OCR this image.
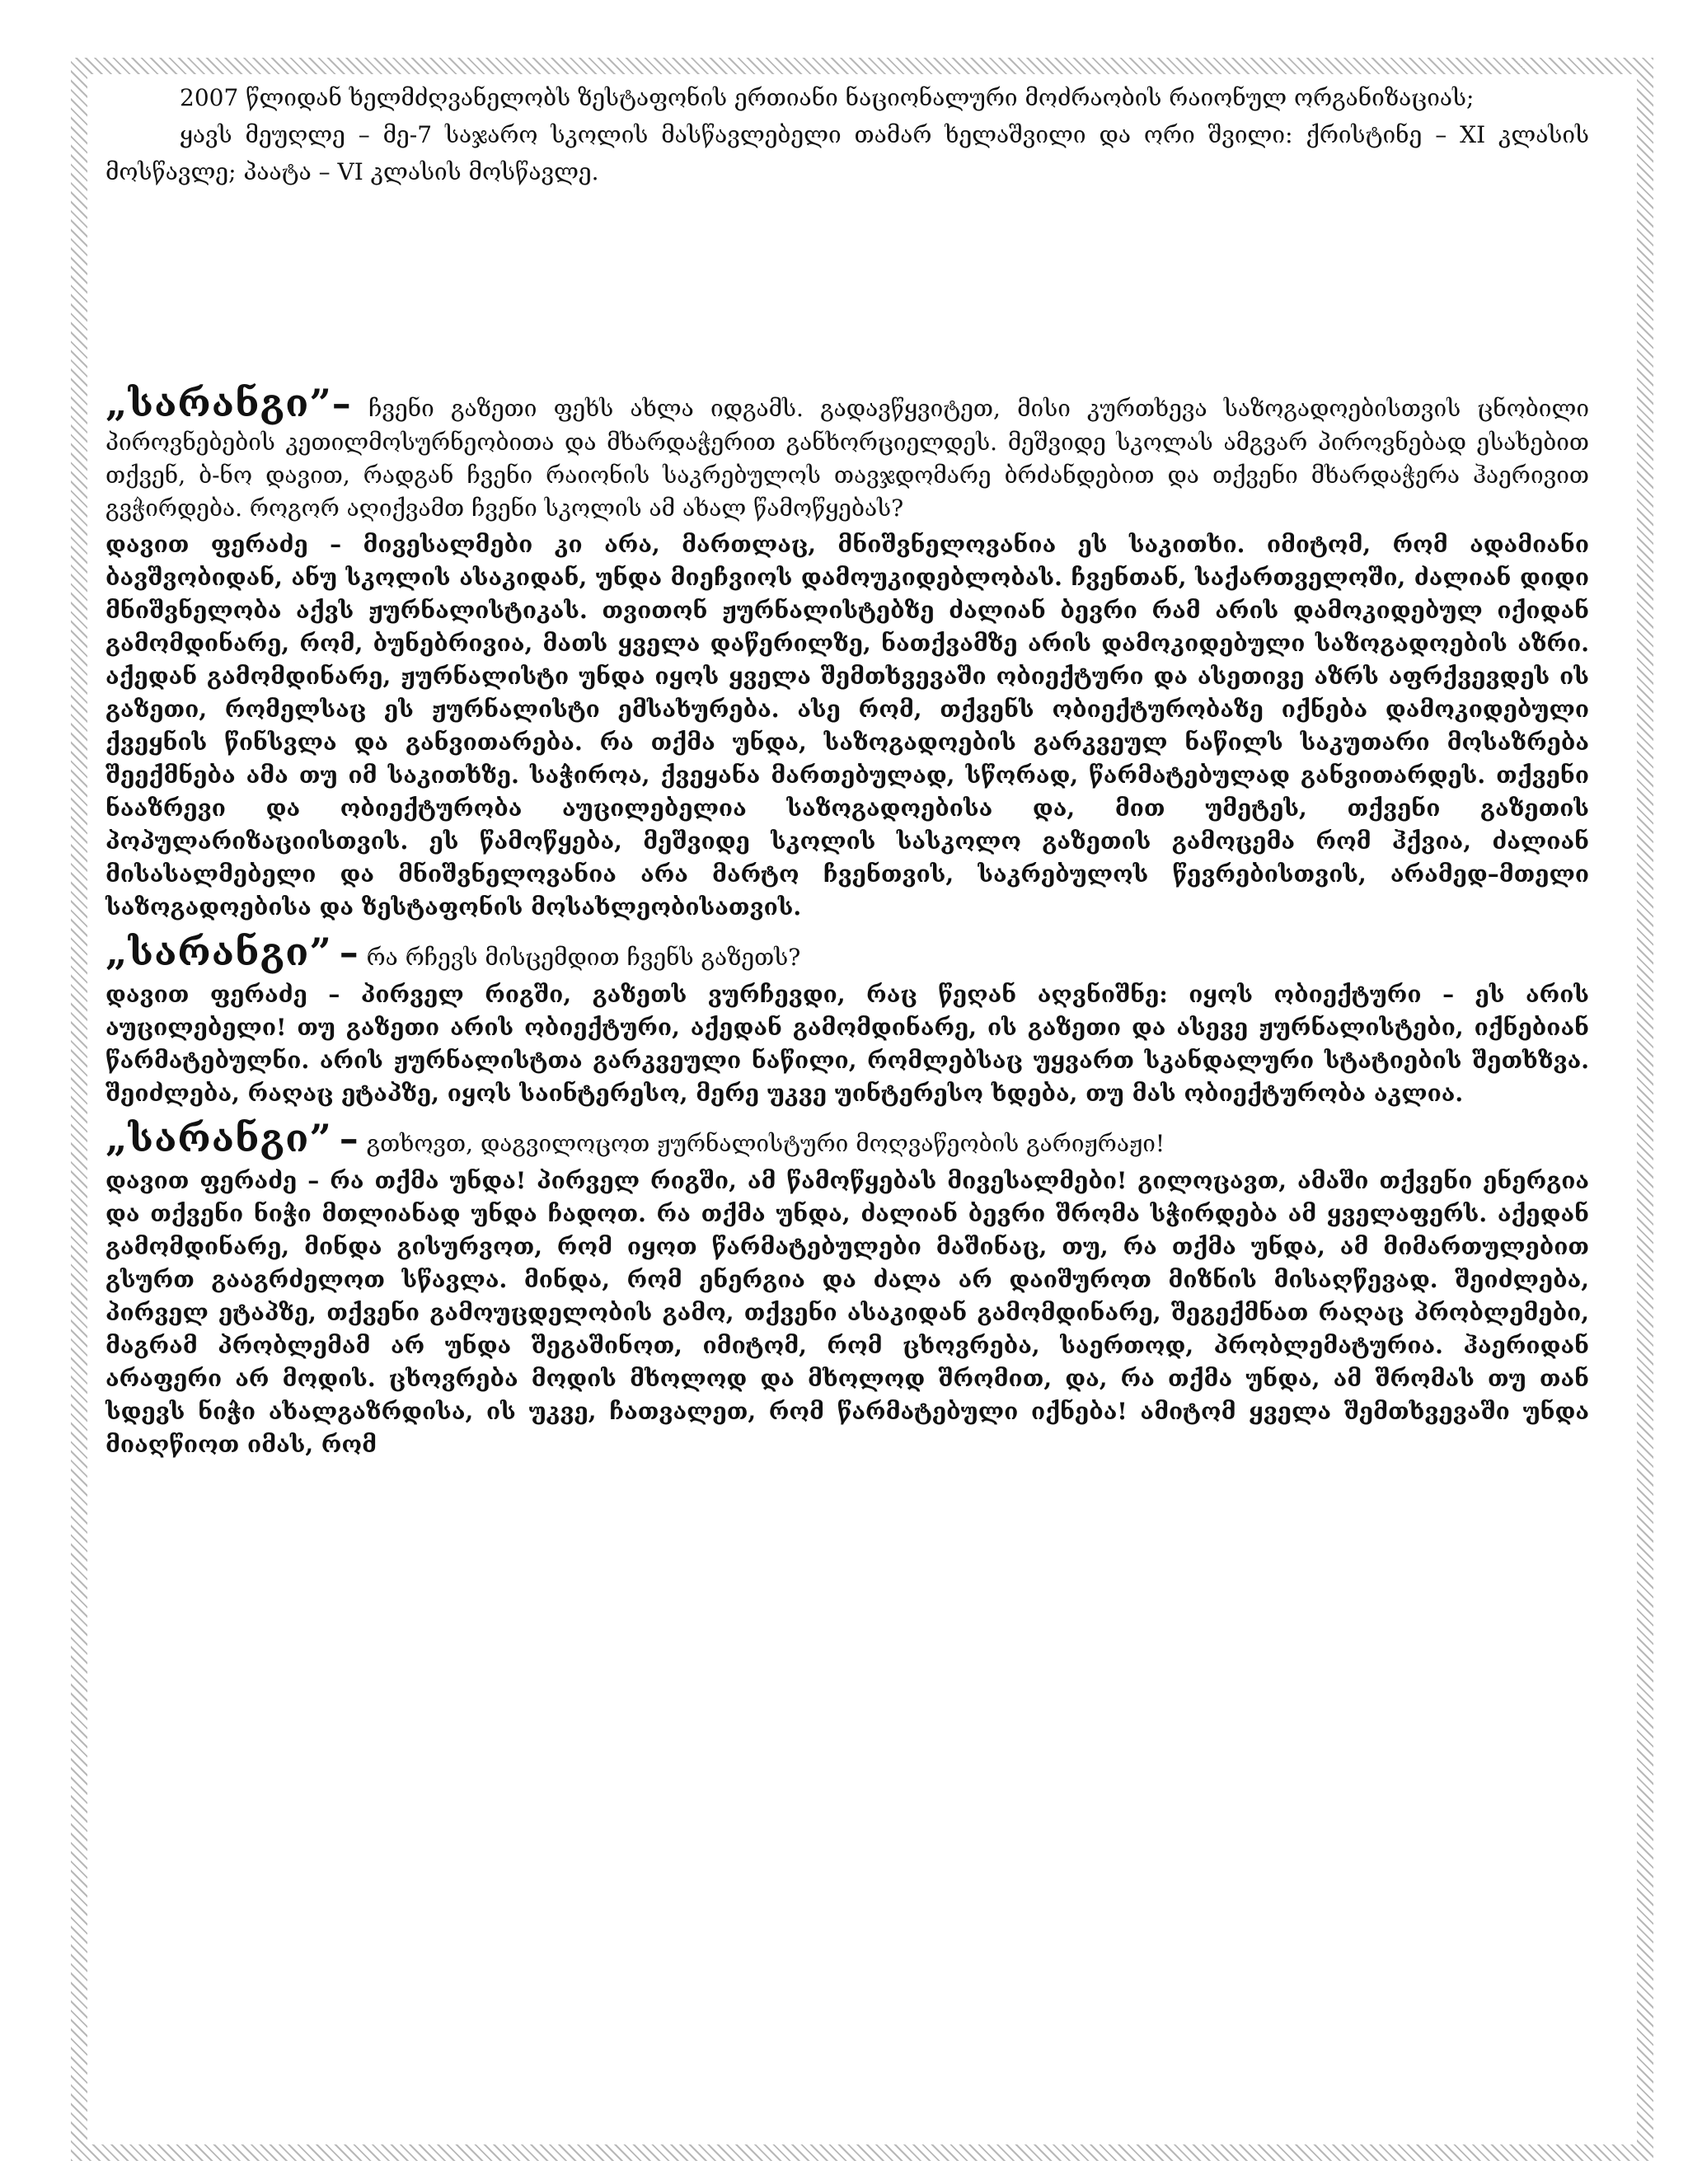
2007 წლიდან ხელმძღვანელობს ზესტაფონის ერთიანი ნაციონალური მოძრაობის რაიონულ ორგანიზაციას;

ყავს მეუღლე – მე-7 საჯარო სკოლის მასწავლებელი თამარ ხელაშვილი და ორი შვილი: ქრისტინე – XI კლასის მოსწავლე; პაატა – VI კლასის მოსწავლე.

„სარანგი”– ჩვენი გაზეთი ფეხს ახლა იდგამს. გადავწყვიტეთ, მისი კურთხევა საზოგადოებისთვის ცნობილი პიროვნებების კეთილმოსურნეობითა და მხარდაჭერით განხორციელდეს. მეშვიდე სკოლას ამგვარ პიროვნებად ესახებით თქვენ, ბ-ნო დავით, რადგან ჩვენი რაიონის საკრებულოს თავჯდომარე ბრძანდებით და თქვენი მხარდაჭერა ჰაერივით გვჭირდება. როგორ აღიქვამთ ჩვენი სკოლის ამ ახალ წამოწყებას?
დავით ფერაძე – მივესალმები კი არა, მართლაც, მნიშვნელოვანია ეს საკითხი. იმიტომ, რომ ადამიანი ბავშვობიდან, ანუ სკოლის ასაკიდან, უნდა მიეჩვიოს დამოუკიდებლობას. ჩვენთან, საქართველოში, ძალიან დიდი მნიშვნელობა აქვს ჟურნალისტიკას. თვითონ ჟურნალისტებზე ძალიან ბევრი რამ არის დამოკიდებულ იქიდან გამომდინარე, რომ, ბუნებრივია, მათს ყველა დაწერილზე, ნათქვამზე არის დამოკიდებული საზოგადოების აზრი. აქედან გამომდინარე, ჟურნალისტი უნდა იყოს ყველა შემთხვევაში ობიექტური და ასეთივე აზრს აფრქვევდეს ის გაზეთი, რომელსაც ეს ჟურნალისტი ემსახურება. ასე რომ, თქვენს ობიექტურობაზე იქნება დამოკიდებული ქვეყნის წინსვლა და განვითარება. რა თქმა უნდა, საზოგადოების გარკვეულ ნაწილს საკუთარი მოსაზრება შეექმნება ამა თუ იმ საკითხზე. საჭიროა, ქვეყანა მართებულად, სწორად, წარმატებულად განვითარდეს. თქვენი ნააზრევი და ობიექტურობა აუცილებელია საზოგადოებისა და, მით უმეტეს, თქვენი გაზეთის პოპულარიზაციისთვის. ეს წამოწყება, მეშვიდე სკოლის სასკოლო გაზეთის გამოცემა რომ ჰქვია, ძალიან მისასალმებელი და მნიშვნელოვანია არა მარტო ჩვენთვის, საკრებულოს წევრებისთვის, არამედ–მთელი საზოგადოებისა და ზესტაფონის მოსახლეობისათვის.
„სარანგი” – რა რჩევს მისცემდით ჩვენს გაზეთს?
დავით ფერაძე – პირველ რიგში, გაზეთს ვურჩევდი, რაც წეღან აღვნიშნე: იყოს ობიექტური – ეს არის აუცილებელი! თუ გაზეთი არის ობიექტური, აქედან გამომდინარე, ის გაზეთი და ასევე ჟურნალისტები, იქნებიან წარმატებულნი. არის ჟურნალისტთა გარკვეული ნაწილი, რომლებსაც უყვართ სკანდალური სტატიების შეთხზვა. შეიძლება, რაღაც ეტაპზე, იყოს საინტერესო, მერე უკვე უინტერესო ხდება, თუ მას ობიექტურობა აკლია.
„სარანგი” – გთხოვთ, დაგვილოცოთ ჟურნალისტური მოღვაწეობის გარიჟრაჟი!
დავით ფერაძე – რა თქმა უნდა! პირველ რიგში, ამ წამოწყებას მივესალმები! გილოცავთ, ამაში თქვენი ენერგია და თქვენი ნიჭი მთლიანად უნდა ჩადოთ. რა თქმა უნდა, ძალიან ბევრი შრომა სჭირდება ამ ყველაფერს. აქედან გამომდინარე, მინდა გისურვოთ, რომ იყოთ წარმატებულები მაშინაც, თუ, რა თქმა უნდა, ამ მიმართულებით გსურთ გააგრძელოთ სწავლა. მინდა, რომ ენერგია და ძალა არ დაიშუროთ მიზნის მისაღწევად. შეიძლება, პირველ ეტაპზე, თქვენი გამოუცდელობის გამო, თქვენი ასაკიდან გამომდინარე, შეგექმნათ რაღაც პრობლემები, მაგრამ პრობლემამ არ უნდა შეგაშინოთ, იმიტომ, რომ ცხოვრება, საერთოდ, პრობლემატურია. ჰაერიდან არაფერი არ მოდის. ცხოვრება მოდის მხოლოდ და მხოლოდ შრომით, და, რა თქმა უნდა, ამ შრომას თუ თან სდევს ნიჭი ახალგაზრდისა, ის უკვე, ჩათვალეთ, რომ წარმატებული იქნება! ამიტომ ყველა შემთხვევაში უნდა მიაღწიოთ იმას, რომ
